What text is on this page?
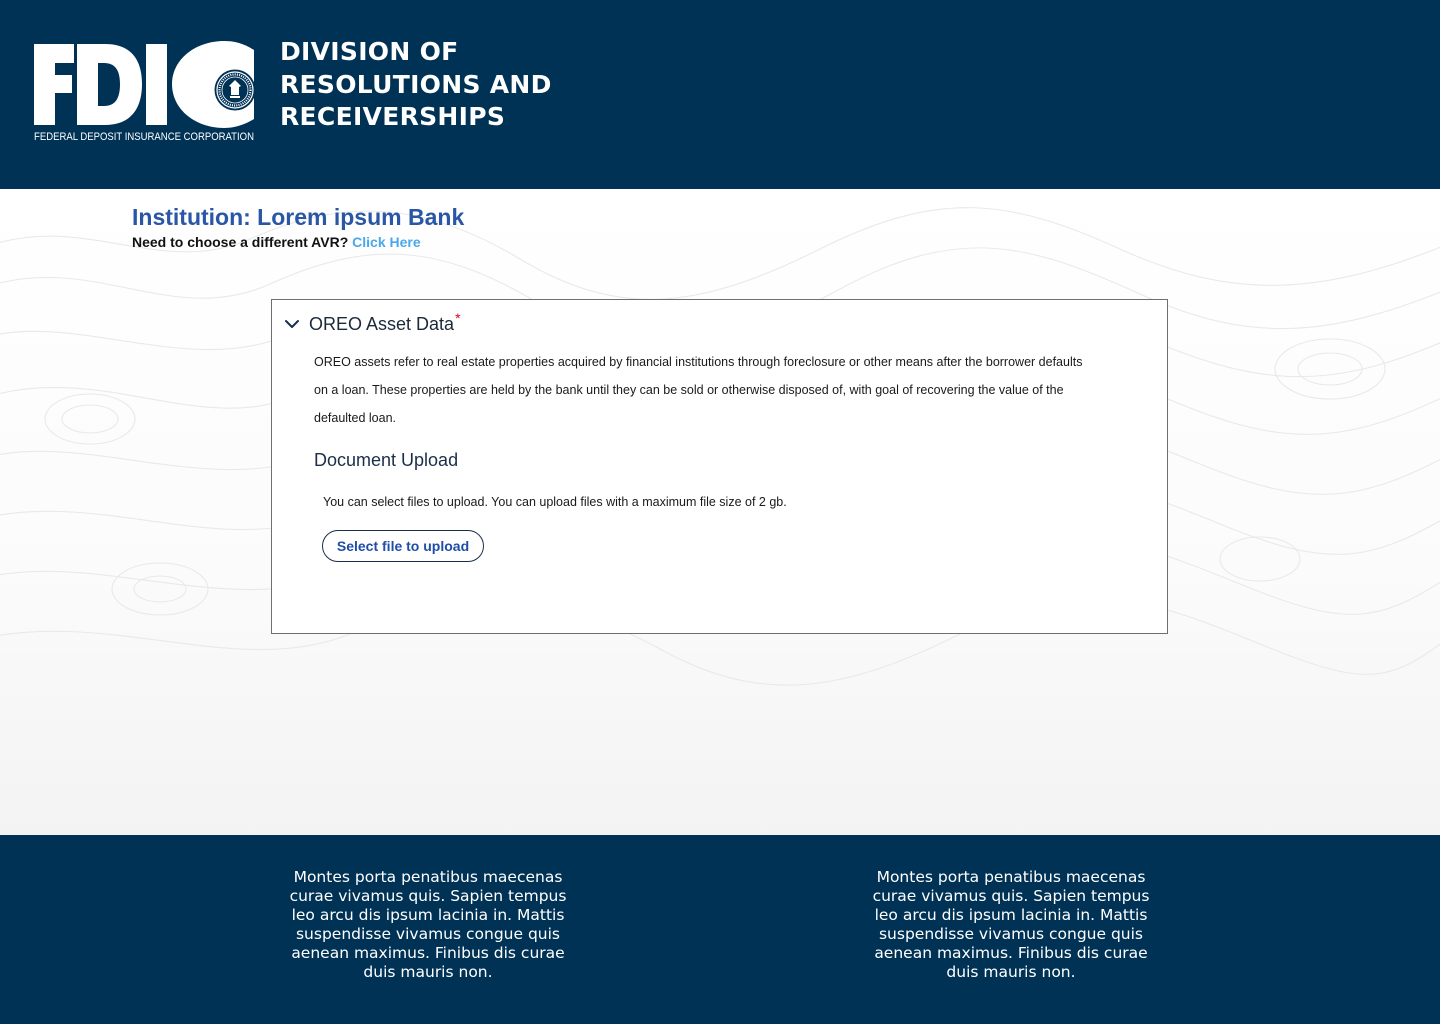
FEDERAL DEPOSIT INSURANCE CORPORATION
DIVISION OF
RESOLUTIONS AND
RECEIVERSHIPS
Institution: Lorem ipsum Bank
Need to choose a different AVR? Click Here
OREO Asset Data *
OREO assets refer to real estate properties acquired by financial institutions through foreclosure or other means after the borrower defaults on a loan. These properties are held by the bank until they can be sold or otherwise disposed of, with goal of recovering the value of the defaulted loan.
Document Upload
You can select files to upload. You can upload files with a maximum file size of 2 gb.
Select file to upload
Montes porta penatibus maecenas curae vivamus quis. Sapien tempus leo arcu dis ipsum lacinia in. Mattis suspendisse vivamus congue quis aenean maximus. Finibus dis curae duis mauris non.
Montes porta penatibus maecenas curae vivamus quis. Sapien tempus leo arcu dis ipsum lacinia in. Mattis suspendisse vivamus congue quis aenean maximus. Finibus dis curae duis mauris non.
